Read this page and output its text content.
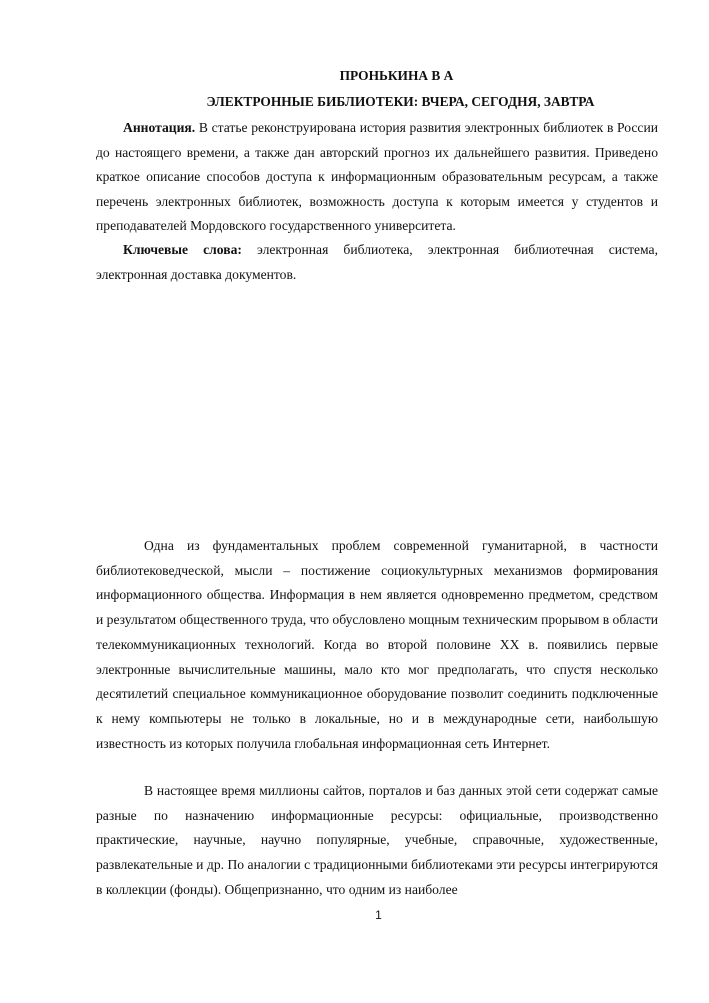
ПРОНЬКИНА В А
ЭЛЕКТРОННЫЕ БИБЛИОТЕКИ: ВЧЕРА, СЕГОДНЯ, ЗАВТРА

Аннотация. В статье реконструирована история развития электронных библиотек в России до настоящего времени, а также дан авторский прогноз их дальнейшего развития. Приведено краткое описание способов доступа к информационным образовательным ресурсам, а также перечень электронных библиотек, возможность доступа к которым имеется у студентов и преподавателей Мордовского государственного университета.

Ключевые слова: электронная библиотека, электронная библиотечная система, электронная доставка документов.

Одна из фундаментальных проблем современной гуманитарной, в частности библиотековедческой, мысли – постижение социокультурных механизмов формирования информационного общества. Информация в нем является одновременно предметом, средством и результатом общественного труда, что обусловлено мощным техническим прорывом в области телекоммуникационных технологий. Когда во второй половине XX в. появились первые электронные вычислительные машины, мало кто мог предполагать, что спустя несколько десятилетий специальное коммуникационное оборудование позволит соединить подключенные к нему компьютеры не только в локальные, но и в международные сети, наибольшую известность из которых получила глобальная информационная сеть Интернет.

В настоящее время миллионы сайтов, порталов и баз данных этой сети содержат самые разные по назначению информационные ресурсы: официальные, производственно практические, научные, научно популярные, учебные, справочные, художественные, развлекательные и др. По аналогии с традиционными библиотеками эти ресурсы интегрируются в коллекции (фонды). Общепризнанно, что одним из наиболее

1
